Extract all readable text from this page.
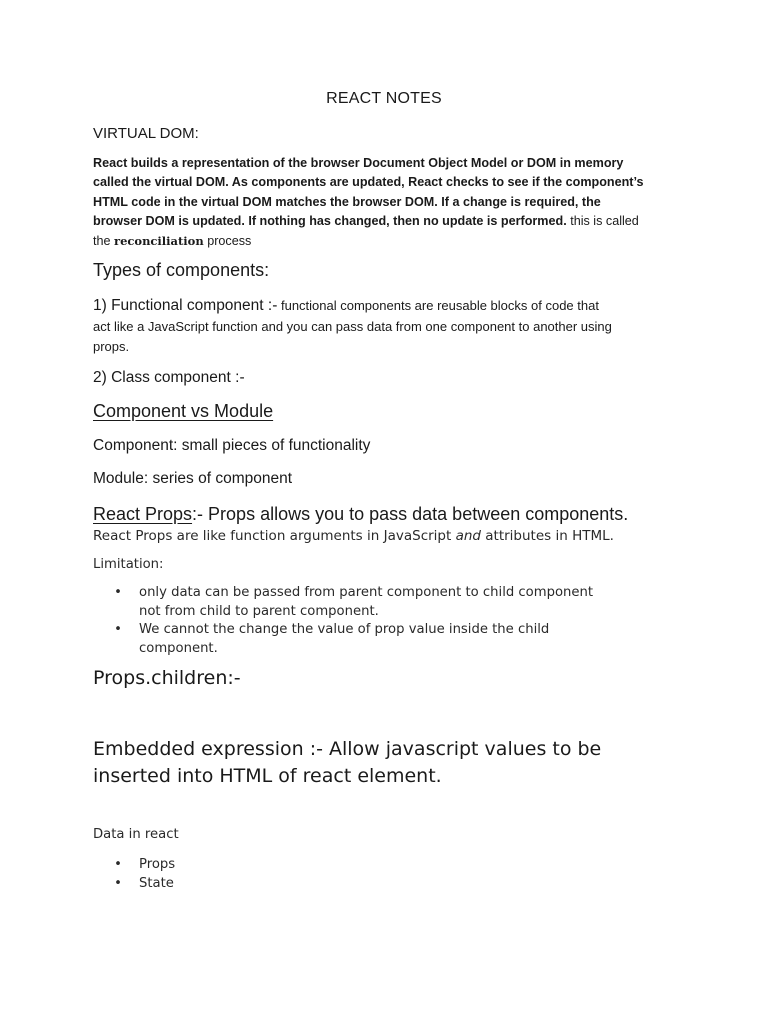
REACT NOTES
VIRTUAL DOM:
React builds a representation of the browser Document Object Model or DOM in memory
called the virtual DOM. As components are updated, React checks to see if the component’s
HTML code in the virtual DOM matches the browser DOM. If a change is required, the
browser DOM is updated. If nothing has changed, then no update is performed. this is called
the reconciliation process
Types of components:
1) Functional component :- functional components are reusable blocks of code that
act like a JavaScript function and you can pass data from one component to another using
props.
2) Class component :-
Component vs Module
Component: small pieces of functionality
Module: series of component
React Props:- Props allows you to pass data between components.
React Props are like function arguments in JavaScript and attributes in HTML.
Limitation:
• only data can be passed from parent component to child component
not from child to parent component.
• We cannot the change the value of prop value inside the child
component.
Props.children:-
Embedded expression :- Allow javascript values to be
inserted into HTML of react element.
Data in react
• Props
• State
